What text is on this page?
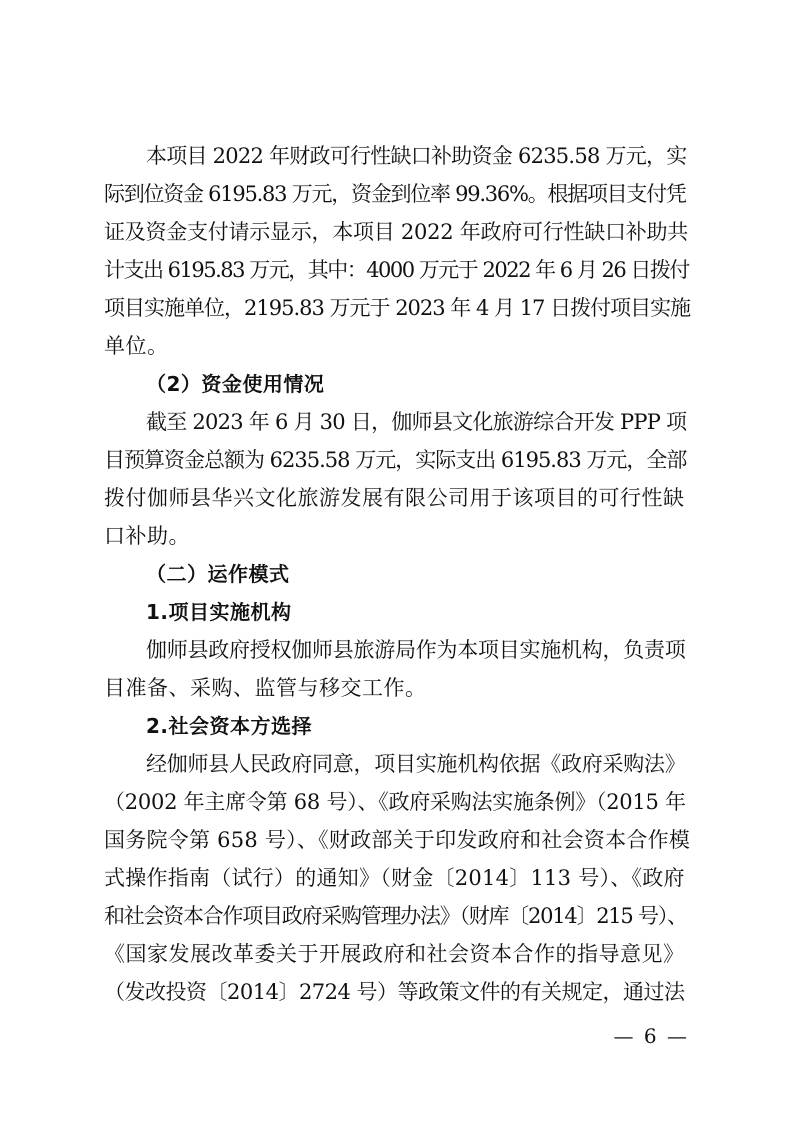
本项目 2022 年财政可行性缺口补助资金 6235.58 万元，实
际到位资金 6195.83 万元，资金到位率 99.36%。根据项目支付凭
证及资金支付请示显示，本项目 2022 年政府可行性缺口补助共
计支出 6195.83 万元，其中：4000 万元于 2022 年 6 月 26 日拨付
项目实施单位，2195.83 万元于 2023 年 4 月 17 日拨付项目实施
单位。
（2）资金使用情况
截至 2023 年 6 月 30 日，伽师县文化旅游综合开发 PPP 项
目预算资金总额为 6235.58 万元，实际支出 6195.83 万元，全部
拨付伽师县华兴文化旅游发展有限公司用于该项目的可行性缺
口补助。
（二）运作模式
1.项目实施机构
伽师县政府授权伽师县旅游局作为本项目实施机构，负责项
目准备、采购、监管与移交工作。
2.社会资本方选择
经伽师县人民政府同意，项目实施机构依据《政府采购法》
（2002 年主席令第 68 号）、《政府采购法实施条例》（2015 年
国务院令第 658 号）、《财政部关于印发政府和社会资本合作模
式操作指南（试行）的通知》（财金〔2014〕113 号）、《政府
和社会资本合作项目政府采购管理办法》（财库〔2014〕215 号）、
《国家发展改革委关于开展政府和社会资本合作的指导意见》
（发改投资〔2014〕2724 号）等政策文件的有关规定，通过法
— 6 —
